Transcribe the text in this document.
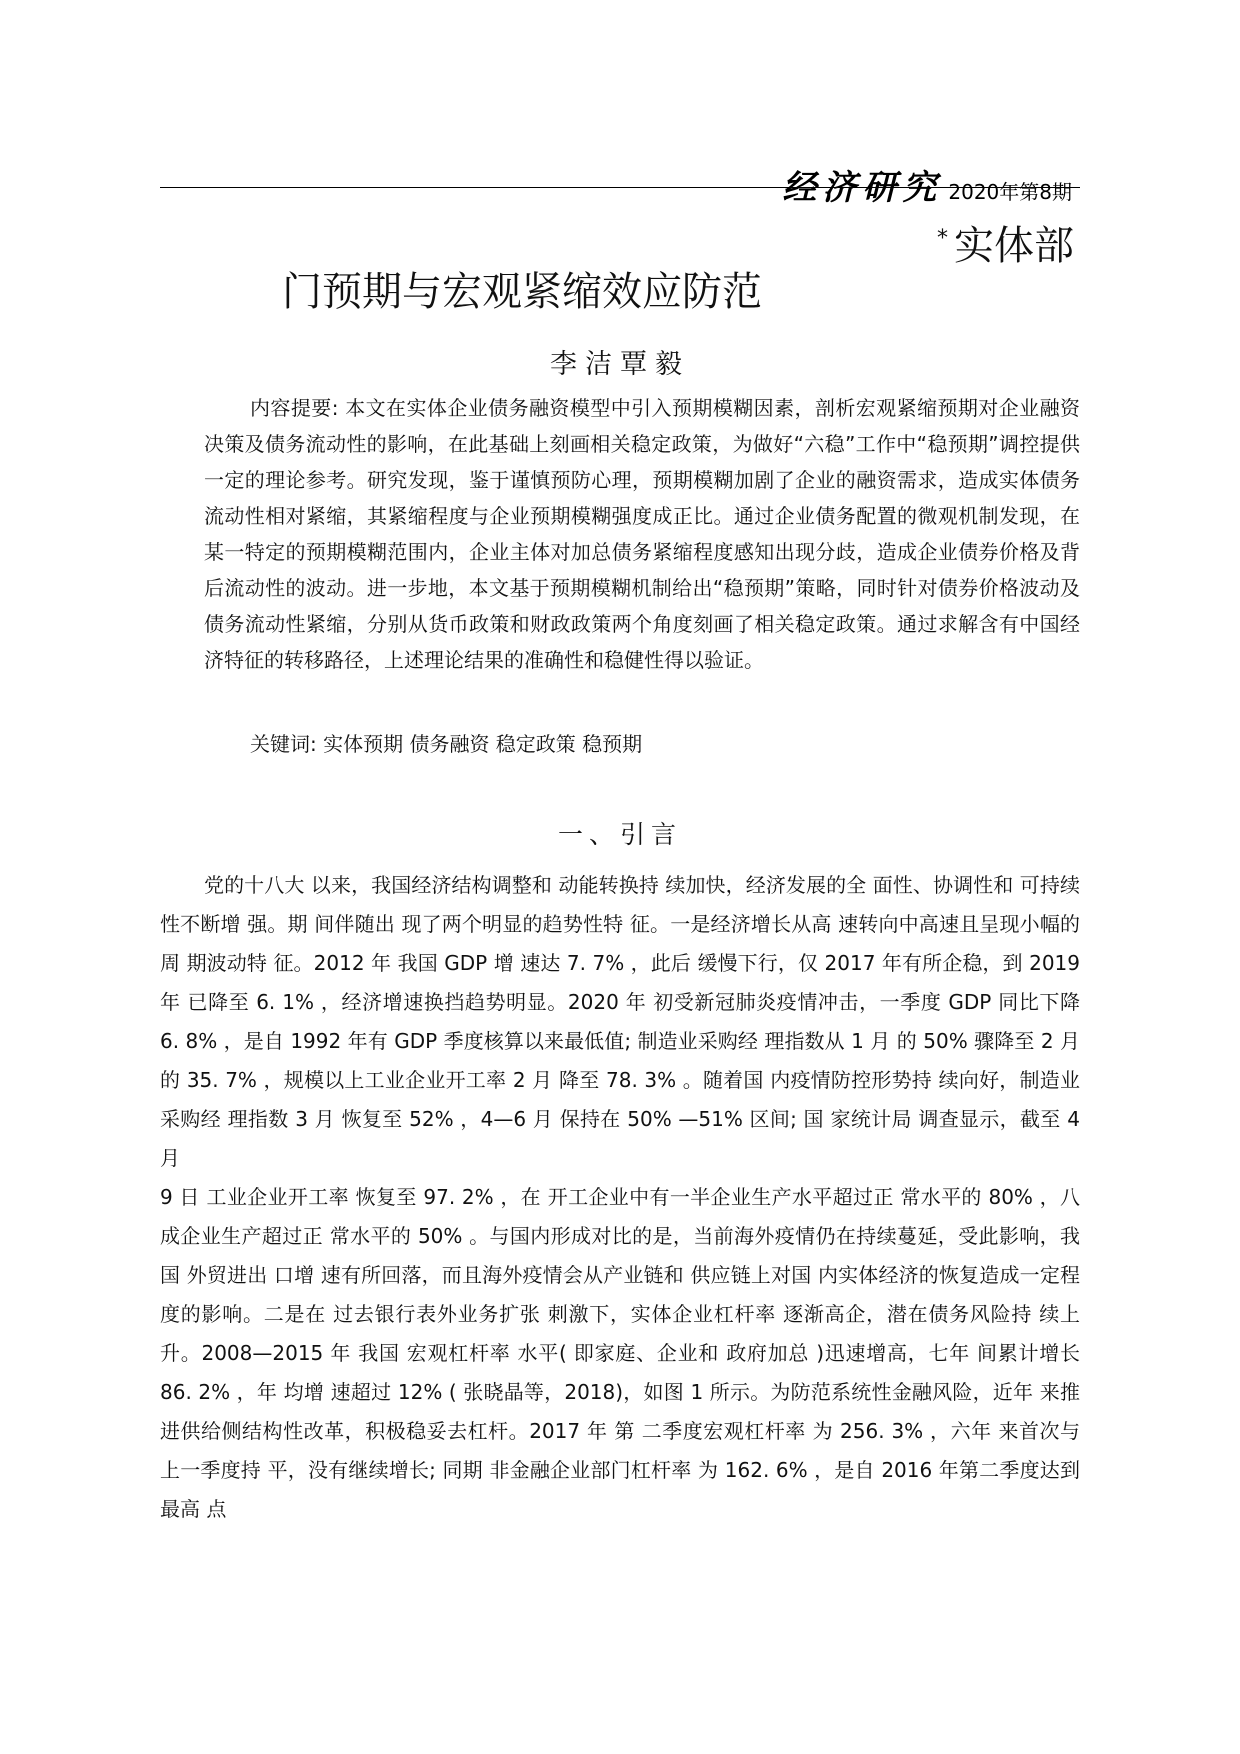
经济研究 2020年第8期
* 实体部
门预期与宏观紧缩效应防范
李洁覃毅

内容提要: 本文在实体企业债务融资模型中引入预期模糊因素，剖析宏观紧缩预期对企业融资决策及债务流动性的影响，在此基础上刻画相关稳定政策，为做好“六稳”工作中“稳预期”调控提供一定的理论参考。研究发现，鉴于谨慎预防心理，预期模糊加剧了企业的融资需求，造成实体债务流动性相对紧缩，其紧缩程度与企业预期模糊强度成正比。通过企业债务配置的微观机制发现，在某一特定的预期模糊范围内，企业主体对加总债务紧缩程度感知出现分歧，造成企业债券价格及背后流动性的波动。进一步地，本文基于预期模糊机制给出“稳预期”策略，同时针对债券价格波动及债务流动性紧缩，分别从货币政策和财政政策两个角度刻画了相关稳定政策。通过求解含有中国经济特征的转移路径，上述理论结果的准确性和稳健性得以验证。

关键词: 实体预期 债务融资 稳定政策 稳预期
一、引言
党的十八大 以来，我国经济结构调整和 动能转换持 续加快，经济发展的全 面性、协调性和 可持续性不断增 强。期 间伴随出 现了两个明显的趋势性特 征。一是经济增长从高 速转向中高速且呈现小幅的周 期波动特 征。2012 年 我国 GDP 增 速达 7. 7% ，此后 缓慢下行，仅 2017 年有所企稳，到 2019 年 已降至 6. 1% ，经济增速换挡趋势明显。2020 年 初受新冠肺炎疫情冲击，一季度 GDP 同比下降 6. 8% ，是自 1992 年有 GDP 季度核算以来最低值; 制造业采购经 理指数从 1 月 的 50% 骤降至 2 月 的 35. 7% ，规模以上工业企业开工率 2 月 降至 78. 3% 。随着国 内疫情防控形势持 续向好，制造业采购经 理指数 3 月 恢复至 52% ，4—6 月 保持在 50% —51% 区间; 国 家统计局 调查显示，截至 4 月
9 日 工业企业开工率 恢复至 97. 2% ，在 开工企业中有一半企业生产水平超过正 常水平的 80% ，八成企业生产超过正 常水平的 50% 。与国内形成对比的是，当前海外疫情仍在持续蔓延，受此影响，我国 外贸进出 口增 速有所回落，而且海外疫情会从产业链和 供应链上对国 内实体经济的恢复造成一定程度的影响。二是在 过去银行表外业务扩张 刺激下，实体企业杠杆率 逐渐高企，潜在债务风险持 续上升。2008—2015 年 我国 宏观杠杆率 水平( 即家庭、企业和 政府加总 )迅速增高，七年 间累计增长 86. 2% ，年 均增 速超过 12% ( 张晓晶等，2018)，如图 1 所示。为防范系统性金融风险，近年 来推进供给侧结构性改革，积极稳妥去杠杆。2017 年 第 二季度宏观杠杆率 为 256. 3% ，六年 来首次与 上一季度持 平，没有继续增长; 同期 非金融企业部门杠杆率 为 162. 6% ，是自 2016 年第二季度达到最高 点
